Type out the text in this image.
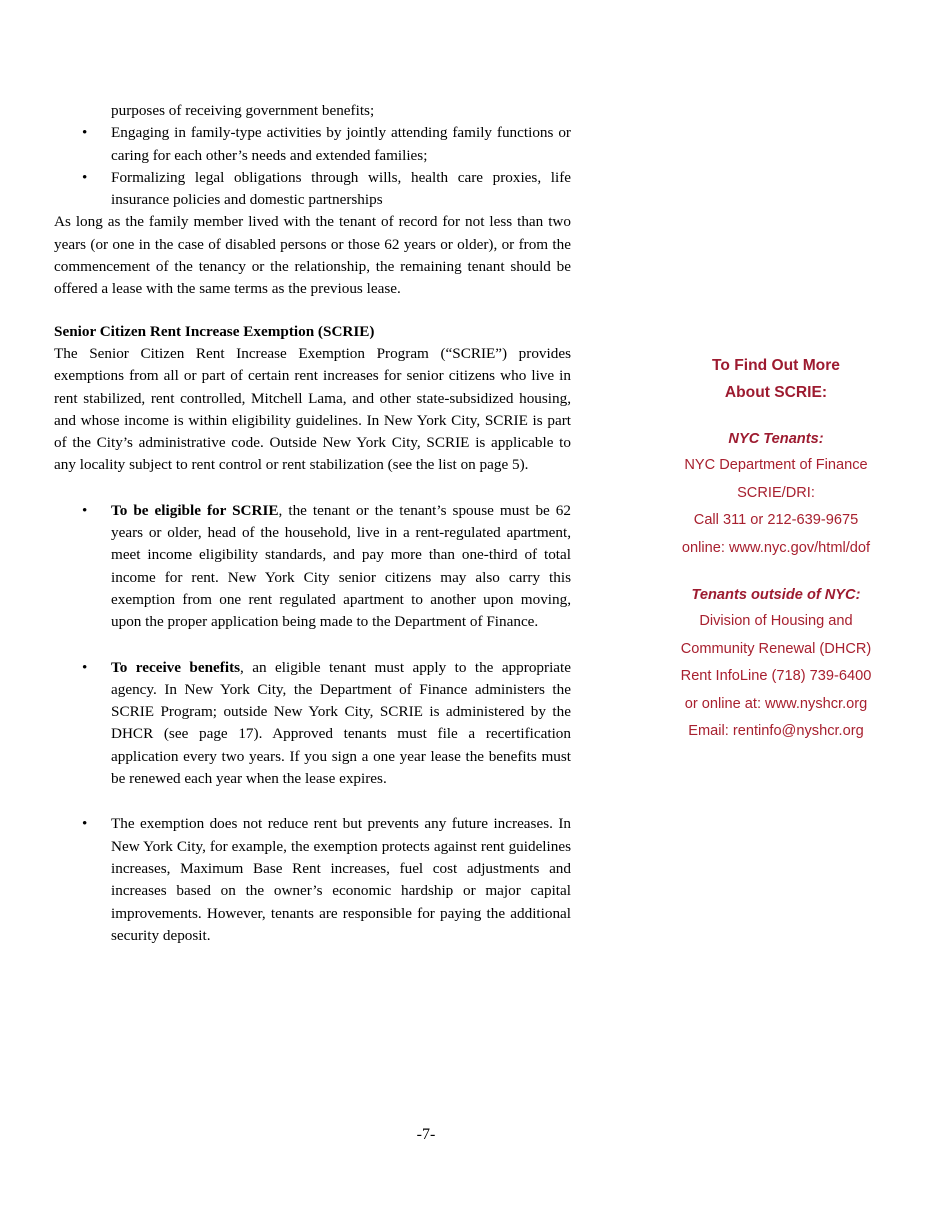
purposes of receiving government benefits;
• Engaging in family-type activities by jointly attending family functions or caring for each other’s needs and extended families;
• Formalizing legal obligations through wills, health care proxies, life insurance policies and domestic partnerships

As long as the family member lived with the tenant of record for not less than two years (or one in the case of disabled persons or those 62 years or older), or from the commencement of the tenancy or the relationship, the remaining tenant should be offered a lease with the same terms as the previous lease.

Senior Citizen Rent Increase Exemption (SCRIE)

The Senior Citizen Rent Increase Exemption Program (“SCRIE”) provides exemptions from all or part of certain rent increases for senior citizens who live in rent stabilized, rent controlled, Mitchell Lama, and other state-subsidized housing, and whose income is within eligibility guidelines. In New York City, SCRIE is part of the City’s administrative code. Outside New York City, SCRIE is applicable to any locality subject to rent control or rent stabilization (see the list on page 5).

• To be eligible for SCRIE, the tenant or the tenant’s spouse must be 62 years or older, head of the household, live in a rent-regulated apartment, meet income eligibility standards, and pay more than one-third of total income for rent. New York City senior citizens may also carry this exemption from one rent regulated apartment to another upon moving, upon the proper application being made to the Department of Finance.
• To receive benefits, an eligible tenant must apply to the appropriate agency. In New York City, the Department of Finance administers the SCRIE Program; outside New York City, SCRIE is administered by the DHCR (see page 17). Approved tenants must file a recertification application every two years. If you sign a one year lease the benefits must be renewed each year when the lease expires.
• The exemption does not reduce rent but prevents any future increases. In New York City, for example, the exemption protects against rent guidelines increases, Maximum Base Rent increases, fuel cost adjustments and increases based on the owner’s economic hardship or major capital improvements. However, tenants are responsible for paying the additional security deposit.
To Find Out More
About SCRIE:
NYC Tenants:
NYC Department of Finance
SCRIE/DRI:
Call 311 or 212-639-9675
online: www.nyc.gov/html/dof
Tenants outside of NYC:
Division of Housing and
Community Renewal (DHCR)
Rent InfoLine (718) 739-6400
or online at: www.nyshcr.org
Email: rentinfo@nyshcr.org
-7-
